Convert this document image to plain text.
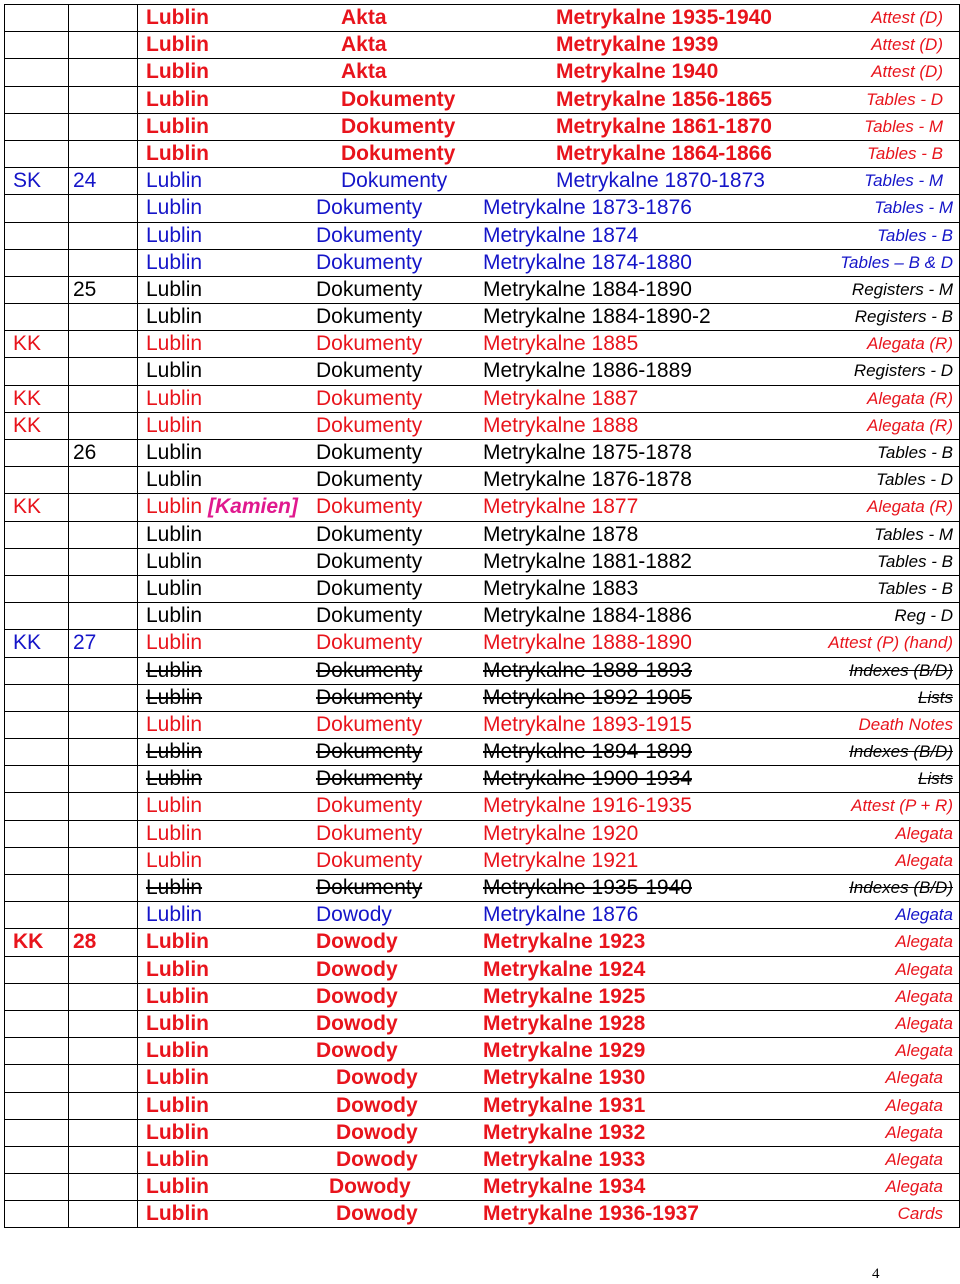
Lublin	Akta	Metrykalne 1935-1940	Attest (D)
Lublin	Akta	Metrykalne 1939	Attest (D)
Lublin	Akta	Metrykalne 1940	Attest (D)
Lublin	Dokumenty	Metrykalne 1856-1865	Tables - D
Lublin	Dokumenty	Metrykalne 1861-1870	Tables - M
Lublin	Dokumenty	Metrykalne 1864-1866	Tables - B
SK	24	Lublin	Dokumenty	Metrykalne 1870-1873	Tables - M
Lublin	Dokumenty	Metrykalne 1873-1876	Tables - M
Lublin	Dokumenty	Metrykalne 1874	Tables - B
Lublin	Dokumenty	Metrykalne 1874-1880	Tables – B & D
25	Lublin	Dokumenty	Metrykalne 1884-1890	Registers - M
Lublin	Dokumenty	Metrykalne 1884-1890-2	Registers - B
KK	Lublin	Dokumenty	Metrykalne 1885	Alegata (R)
Lublin	Dokumenty	Metrykalne 1886-1889	Registers - D
KK	Lublin	Dokumenty	Metrykalne 1887	Alegata (R)
KK	Lublin	Dokumenty	Metrykalne 1888	Alegata (R)
26	Lublin	Dokumenty	Metrykalne 1875-1878	Tables - B
Lublin	Dokumenty	Metrykalne 1876-1878	Tables - D
KK	Lublin [Kamien] Dokumenty	Metrykalne 1877	Alegata (R)
Lublin	Dokumenty	Metrykalne 1878	Tables - M
Lublin	Dokumenty	Metrykalne 1881-1882	Tables - B
Lublin	Dokumenty	Metrykalne 1883	Tables - B
Lublin	Dokumenty	Metrykalne 1884-1886	Reg - D
KK	27	Lublin	Dokumenty	Metrykalne 1888-1890	Attest (P) (hand)
Lublin	Dokumenty	Metrykalne 1888-1893	Indexes (B/D)
Lublin	Dokumenty	Metrykalne 1892-1905	Lists
Lublin	Dokumenty	Metrykalne 1893-1915	Death Notes
Lublin	Dokumenty	Metrykalne 1894-1899	Indexes (B/D)
Lublin	Dokumenty	Metrykalne 1900-1934	Lists
Lublin	Dokumenty	Metrykalne 1916-1935	Attest (P + R)
Lublin	Dokumenty	Metrykalne 1920	Alegata
Lublin	Dokumenty	Metrykalne 1921	Alegata
Lublin	Dokumenty	Metrykalne 1935-1940	Indexes (B/D)
Lublin	Dowody	Metrykalne 1876	Alegata
KK	28	Lublin	Dowody	Metrykalne 1923	Alegata
Lublin	Dowody	Metrykalne 1924	Alegata
Lublin	Dowody	Metrykalne 1925	Alegata
Lublin	Dowody	Metrykalne 1928	Alegata
Lublin	Dowody	Metrykalne 1929	Alegata
Lublin	Dowody	Metrykalne 1930	Alegata
Lublin	Dowody	Metrykalne 1931	Alegata
Lublin	Dowody	Metrykalne 1932	Alegata
Lublin	Dowody	Metrykalne 1933	Alegata
Lublin	Dowody	Metrykalne 1934	Alegata
Lublin	Dowody	Metrykalne 1936-1937	Cards
4
